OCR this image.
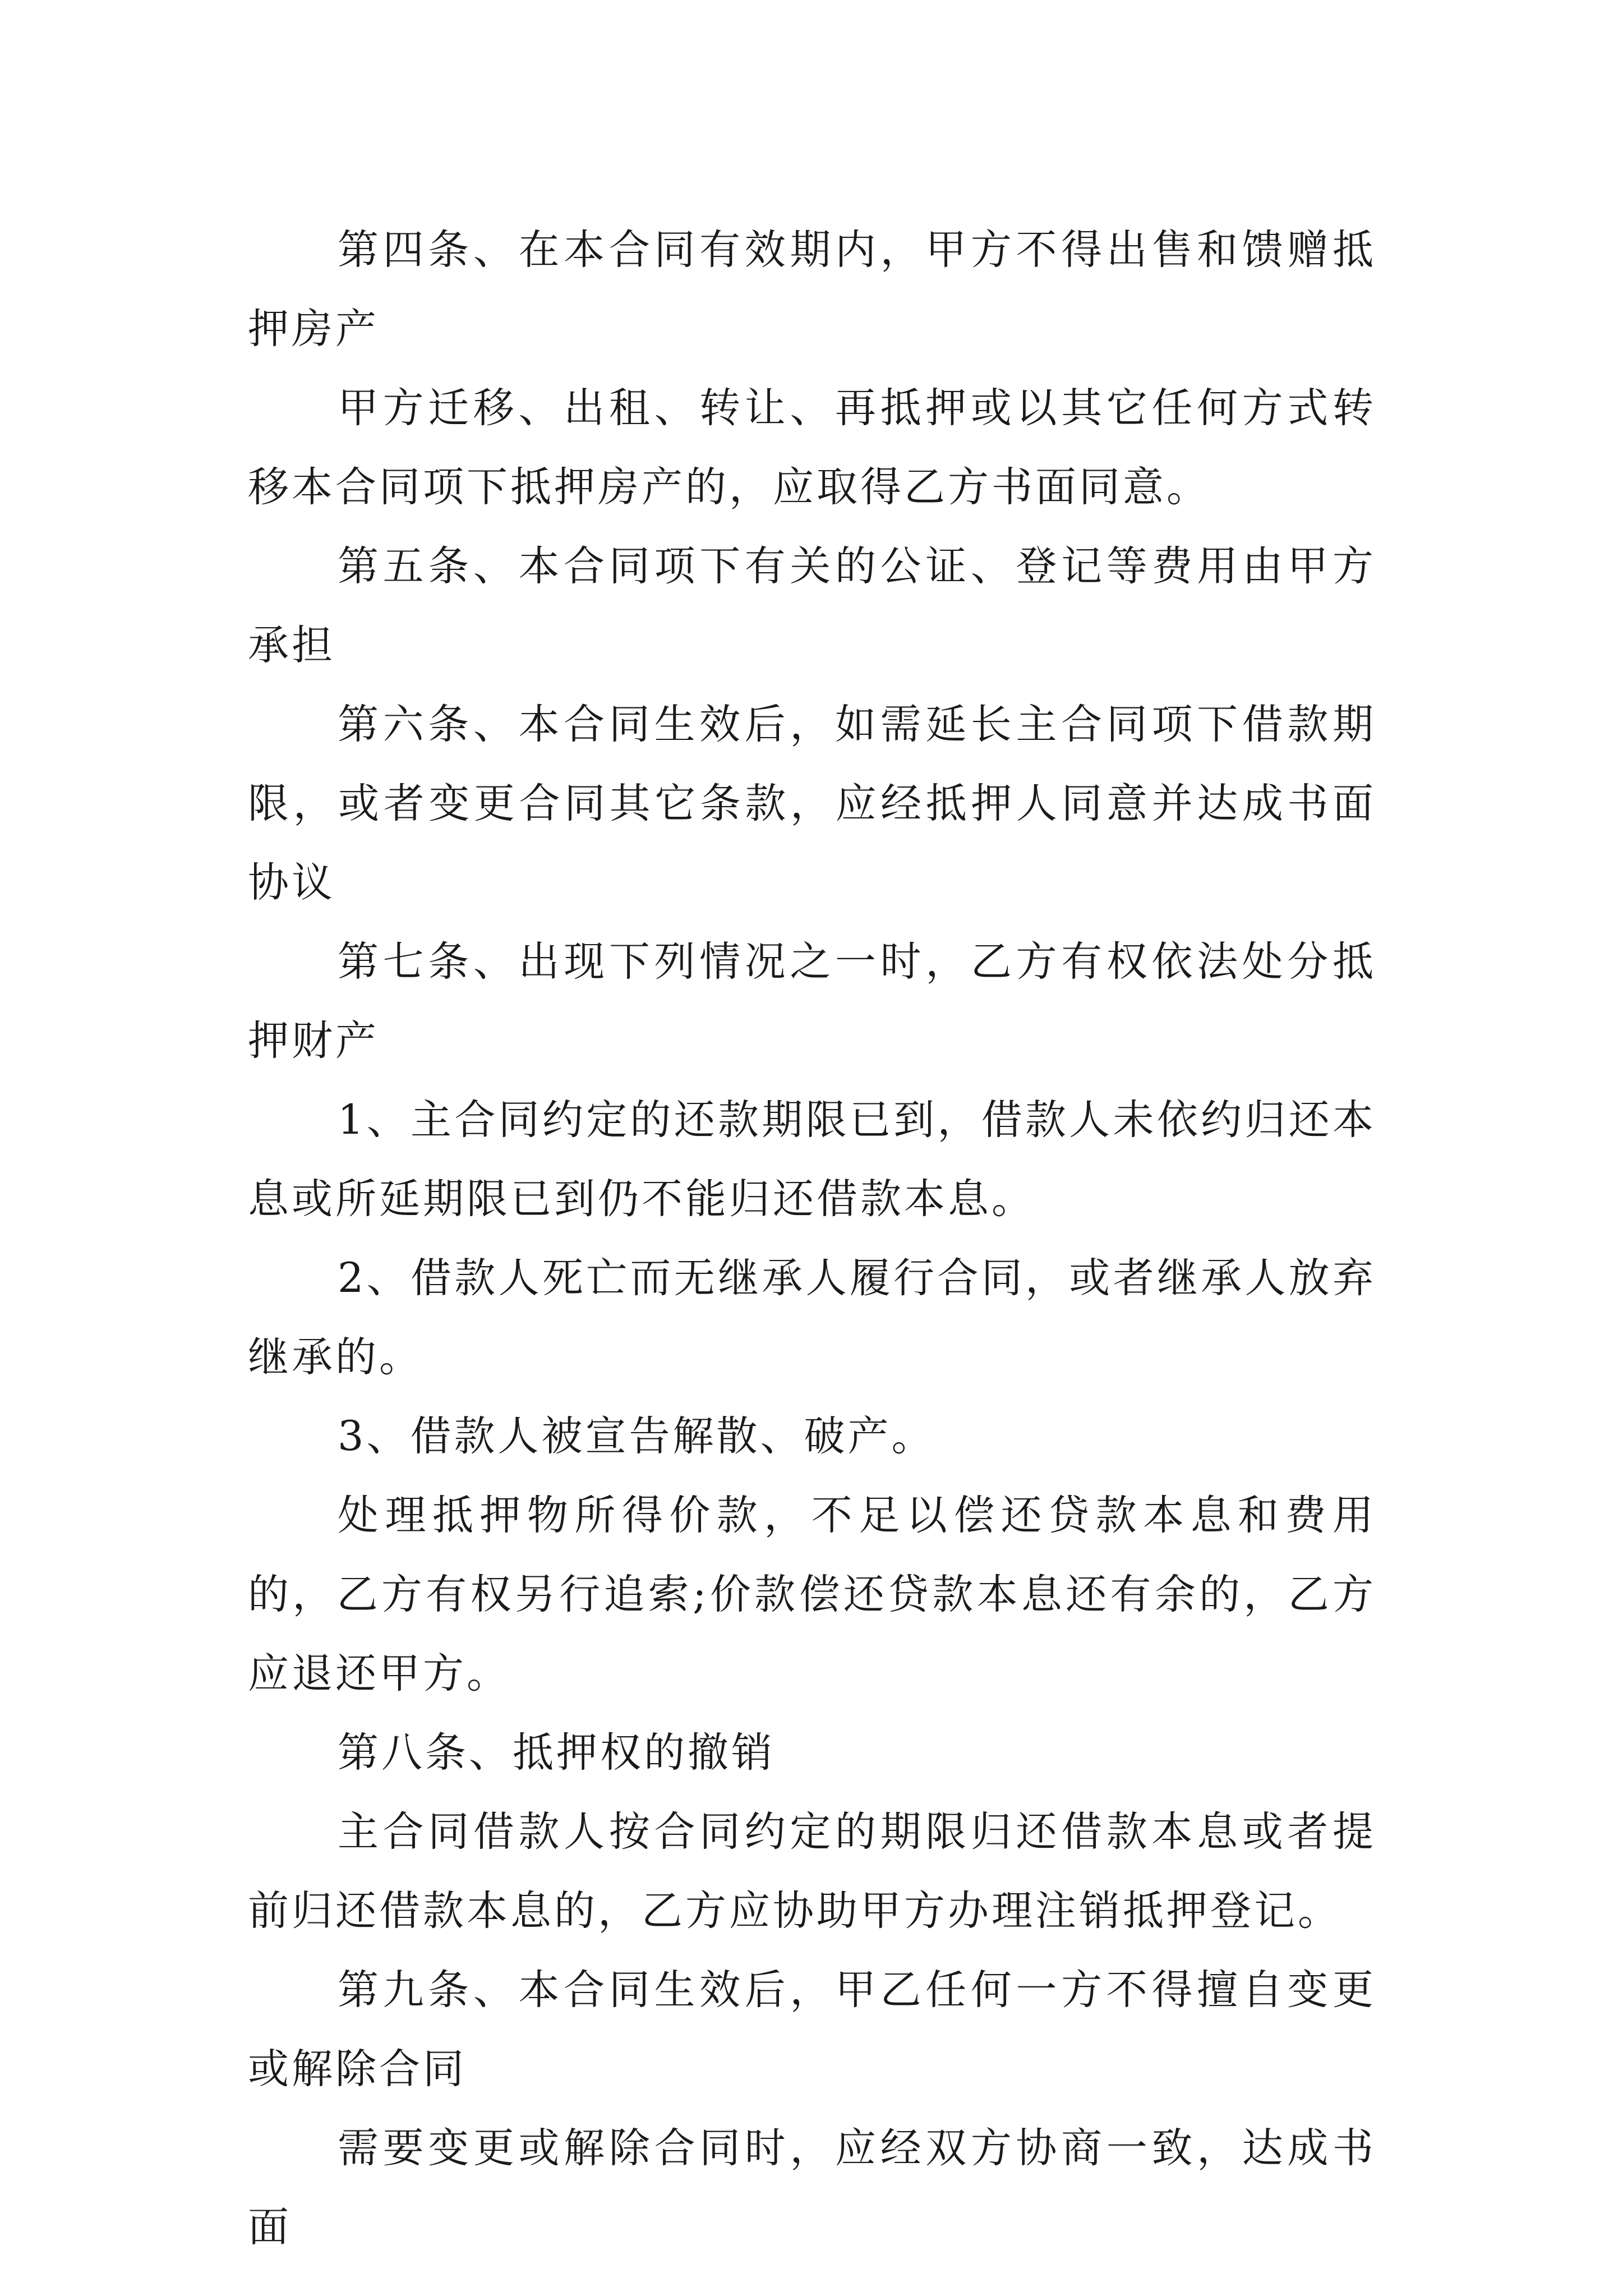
第四条、在本合同有效期内，甲方不得出售和馈赠抵押房产

甲方迁移、出租、转让、再抵押或以其它任何方式转移本合同项下抵押房产的，应取得乙方书面同意。

第五条、本合同项下有关的公证、登记等费用由甲方承担

第六条、本合同生效后，如需延长主合同项下借款期限，或者变更合同其它条款，应经抵押人同意并达成书面协议

第七条、出现下列情况之一时，乙方有权依法处分抵押财产

1、主合同约定的还款期限已到，借款人未依约归还本息或所延期限已到仍不能归还借款本息。

2、借款人死亡而无继承人履行合同，或者继承人放弃继承的。

3、借款人被宣告解散、破产。

处理抵押物所得价款，不足以偿还贷款本息和费用的，乙方有权另行追索;价款偿还贷款本息还有余的，乙方应退还甲方。

第八条、抵押权的撤销

主合同借款人按合同约定的期限归还借款本息或者提前归还借款本息的，乙方应协助甲方办理注销抵押登记。

第九条、本合同生效后，甲乙任何一方不得擅自变更或解除合同

需要变更或解除合同时，应经双方协商一致，达成书面
